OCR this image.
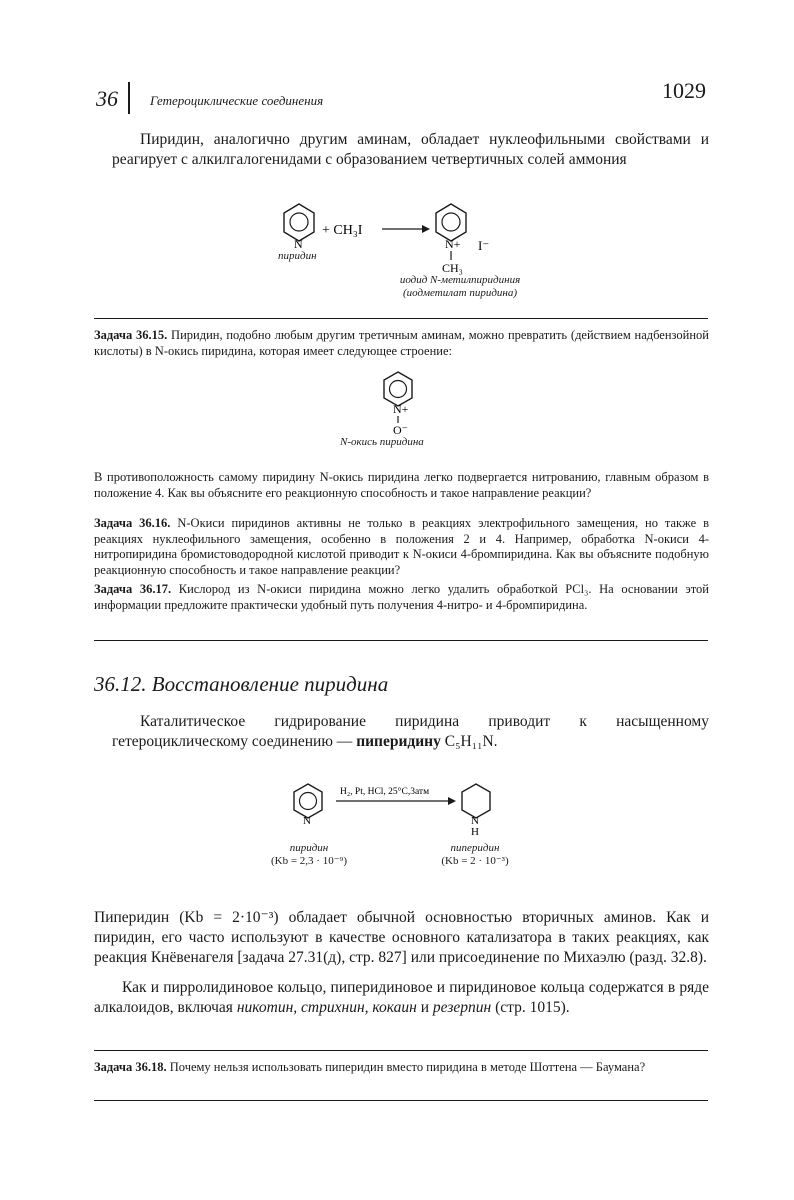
36 Гетероциклические соединения	1029
Пиридин, аналогично другим аминам, обладает нуклеофильными свойствами и реагирует с алкилгалогенидами с образованием четвертичных солей аммония
N
+ CH₃I
N+
CH₃
I⁻
пиридин
иодид N-метилпиридиния
(иодметилат пиридина)
Задача 36.15. Пиридин, подобно любым другим третичным аминам, можно превратить (действием надбензойной кислоты) в N-окись пиридина, которая имеет следующее строение:
N+
O⁻
N-окись пиридина
В противоположность самому пиридину N-окись пиридина легко подвергается нитрованию, главным образом в положение 4. Как вы объясните его реакционную способность и такое направление реакции?
Задача 36.16. N-Окиси пиридинов активны не только в реакциях электрофильного замещения, но также в реакциях нуклеофильного замещения, особенно в положения 2 и 4. Например, обработка N-окиси 4-нитропиридина бромистоводородной кислотой приводит к N-окиси 4-бромпиридина. Как вы объясните подобную реакционную способность и такое направление реакции?
Задача 36.17. Кислород из N-окиси пиридина можно легко удалить обработкой PCl₃. На основании этой информации предложите практически удобный путь получения 4-нитро- и 4-бромпиридина.
36.12. Восстановление пиридина
Каталитическое гидрирование пиридина приводит к насыщенному гетероциклическому соединению — пиперидину C₅H₁₁N.
N
H₂, Pt, HCl, 25°C,3атм
N
H
пиридин
(Kb = 2,3 · 10⁻⁹)
пиперидин
(Kb = 2 · 10⁻³)
Пиперидин (Kb = 2·10⁻³) обладает обычной основностью вторичных аминов. Как и пиридин, его часто используют в качестве основного катализатора в таких реакциях, как реакция Кнёвенагеля [задача 27.31(д), стр. 827] или присоединение по Михаэлю (разд. 32.8).
Как и пирролидиновое кольцо, пиперидиновое и пиридиновое кольца содержатся в ряде алкалоидов, включая никотин, стрихнин, кокаин и резерпин (стр. 1015).
Задача 36.18. Почему нельзя использовать пиперидин вместо пиридина в методе Шоттена — Баумана?
